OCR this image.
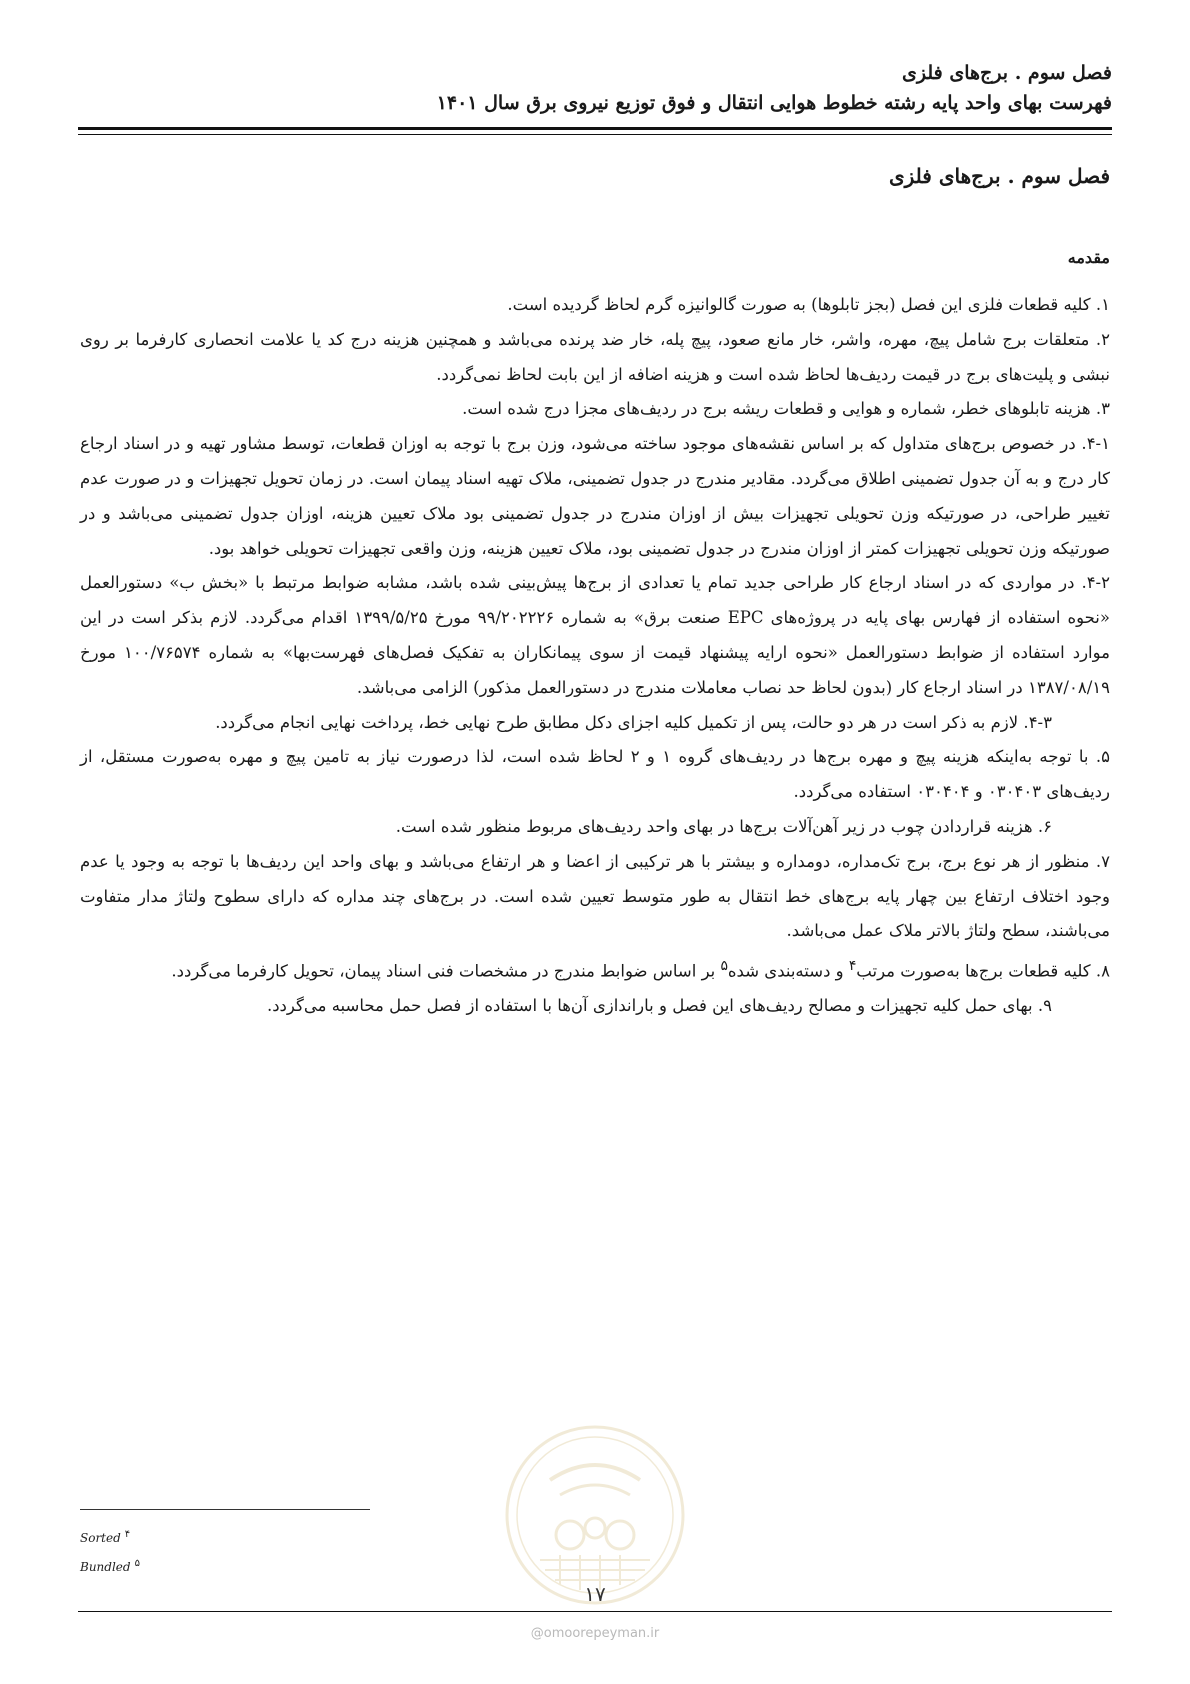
فصل سوم . برج‌های فلزی
فهرست بهای واحد پایه رشته خطوط هوایی انتقال و فوق توزیع نیروی برق سال ۱۴۰۱
فصل سوم . برج‌های فلزی
مقدمه

۱. کلیه قطعات فلزی این فصل (بجز تابلوها) به صورت گالوانیزه گرم لحاظ گردیده است.

۲. متعلقات برج شامل پیچ، مهره، واشر، خار مانع صعود، پیچ پله، خار ضد پرنده می‌باشد و همچنین هزینه درج کد یا علامت انحصاری کارفرما بر روی نبشی و پلیت‌های برج در قیمت ردیف‌ها لحاظ شده است و هزینه اضافه از این بابت لحاظ نمی‌گردد.

۳. هزینه تابلوهای خطر، شماره و هوایی و قطعات ریشه برج در ردیف‌های مجزا درج شده است.

۴-۱. در خصوص برج‌های متداول که بر اساس نقشه‌های موجود ساخته می‌شود، وزن برج با توجه به اوزان قطعات، توسط مشاور تهیه و در اسناد ارجاع کار درج و به آن جدول تضمینی اطلاق می‌گردد. مقادیر مندرج در جدول تضمینی، ملاک تهیه اسناد پیمان است. در زمان تحویل تجهیزات و در صورت عدم تغییر طراحی، در صورتیکه وزن تحویلی تجهیزات بیش از اوزان مندرج در جدول تضمینی بود ملاک تعیین هزینه، اوزان جدول تضمینی می‌باشد و در صورتیکه وزن تحویلی تجهیزات کمتر از اوزان مندرج در جدول تضمینی بود، ملاک تعیین هزینه، وزن واقعی تجهیزات تحویلی خواهد بود.

۴-۲. در مواردی که در اسناد ارجاع کار طراحی جدید تمام یا تعدادی از برج‌ها پیش‌بینی شده باشد، مشابه ضوابط مرتبط با «بخش ب» دستورالعمل «نحوه استفاده از فهارس بهای پایه در پروژه‌های EPC صنعت برق» به شماره ۹۹/۲۰۲۲۲۶ مورخ ۱۳۹۹/۵/۲۵ اقدام می‌گردد. لازم بذکر است در این موارد استفاده از ضوابط دستورالعمل «نحوه ارایه پیشنهاد قیمت از سوی پیمانکاران به تفکیک فصل‌های فهرست‌بها» به شماره ۱۰۰/۷۶۵۷۴ مورخ ۱۳۸۷/۰۸/۱۹ در اسناد ارجاع کار (بدون لحاظ حد نصاب معاملات مندرج در دستورالعمل مذکور) الزامی می‌باشد.

۴-۳. لازم به ذکر است در هر دو حالت، پس از تکمیل کلیه اجزای دکل مطابق طرح نهایی خط، پرداخت نهایی انجام می‌گردد.

۵. با توجه به‌اینکه هزینه پیچ و مهره برج‌ها در ردیف‌های گروه ۱ و ۲ لحاظ شده است، لذا درصورت نیاز به تامین پیچ و مهره به‌صورت مستقل، از ردیف‌های ۰۳۰۴۰۳ و ۰۳۰۴۰۴ استفاده می‌گردد.

۶. هزینه قراردادن چوب در زیر آهن‌آلات برج‌ها در بهای واحد ردیف‌های مربوط منظور شده است.

۷. منظور از هر نوع برج، برج تک‌مداره، دومداره و بیشتر با هر ترکیبی از اعضا و هر ارتفاع می‌باشد و بهای واحد این ردیف‌ها با توجه به وجود یا عدم وجود اختلاف ارتفاع بین چهار پایه برج‌های خط انتقال به طور متوسط تعیین شده است. در برج‌های چند مداره که دارای سطوح ولتاژ مدار متفاوت می‌باشند، سطح ولتاژ بالاتر ملاک عمل می‌باشد.

۸. کلیه قطعات برج‌ها به‌صورت مرتب$^۴$ و دسته‌بندی شده$^۵$ بر اساس ضوابط مندرج در مشخصات فنی اسناد پیمان، تحویل کارفرما می‌گردد.

۹. بهای حمل کلیه تجهیزات و مصالح ردیف‌های این فصل و باراندازی آن‌ها با استفاده از فصل حمل محاسبه می‌گردد.

Sorted $^۴$
Bundled $^۵$
۱۷
@omoorepeyman.ir
